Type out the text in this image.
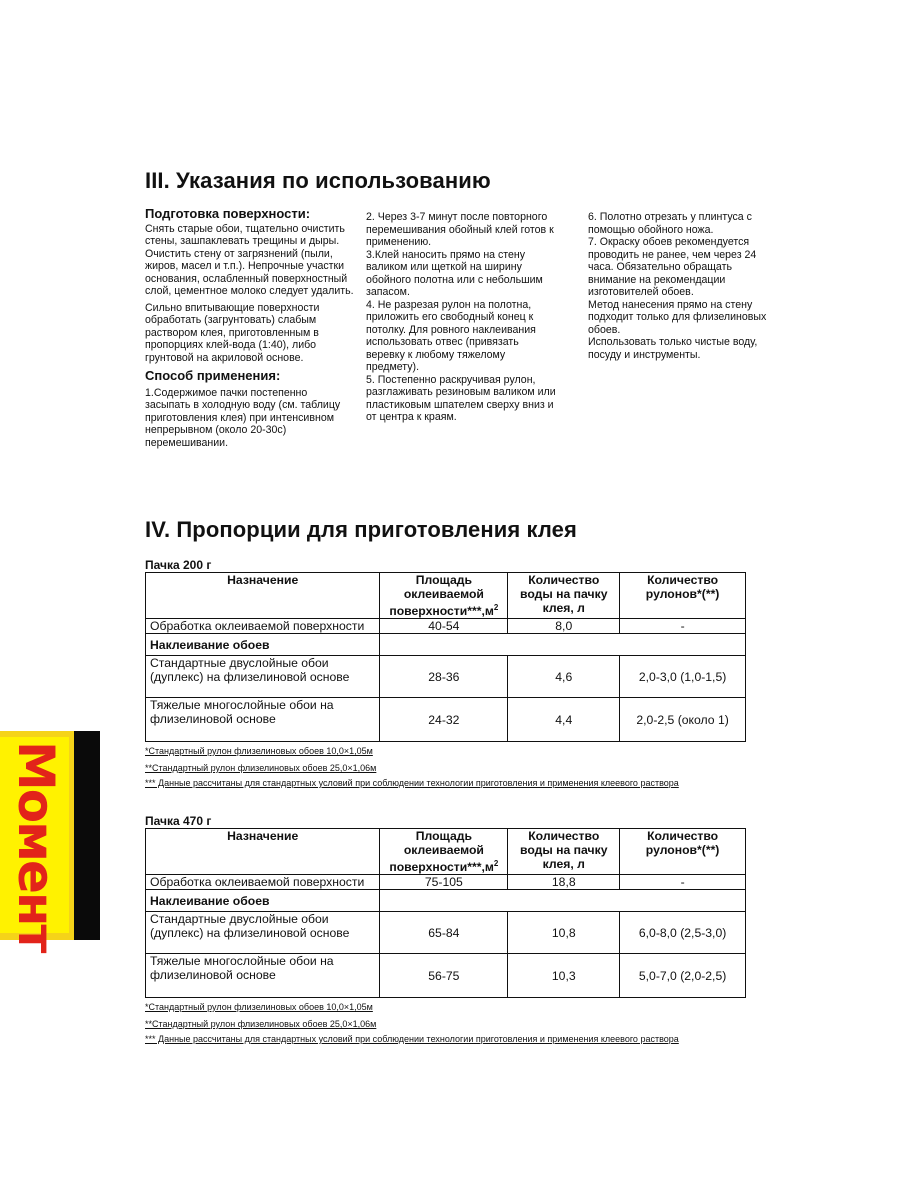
III. Указания по использованию
Подготовка поверхности:

Снять старые обои, тщательно очистить стены, зашпаклевать трещины и дыры.

Очистить стену от загрязнений (пыли, жиров, масел и т.п.). Непрочные участки основания, ослабленный поверхностный слой, цементное молоко следует удалить.

Сильно впитывающие поверхности обработать (загрунтовать) слабым раствором клея, приготовленным в пропорциях клей-вода (1:40), либо грунтовой на акриловой основе.

Способ применения:

1.Содержимое пачки постепенно засыпать в холодную воду (см. таблицу приготовления клея) при интенсивном непрерывном (около 20-30с) перемешивании.

2. Через 3-7 минут после повторного перемешивания обойный клей готов к применению.

3.Клей наносить прямо на стену валиком или щеткой на ширину обойного полотна или с небольшим запасом.

4. Не разрезая рулон на полотна, приложить его свободный конец к потолку. Для ровного наклеивания использовать отвес (привязать веревку к любому тяжелому предмету).

5. Постепенно раскручивая рулон, разглаживать резиновым валиком или пластиковым шпателем сверху вниз и от центра к краям.

6. Полотно отрезать у плинтуса с помощью обойного ножа.

7. Окраску обоев рекомендуется проводить не ранее, чем через 24 часа. Обязательно обращать внимание на рекомендации изготовителей обоев.

Метод нанесения прямо на стену подходит только для флизелиновых обоев.

Использовать только чистые воду, посуду и инструменты.

IV. Пропорции для приготовления клея
Пачка 200 г
Назначение	Площадь оклеиваемой $поверхности***,м^2$	Количество воды на пачку клея, л	Количество рулонов*(**)
Обработка оклеиваемой поверхности	40-54	8,0	-
Наклеивание обоев			
Стандартные двуслойные обои (дуплекс) на флизелиновой основе	28-36	4,6	2,0-3,0 (1,0-1,5)
Тяжелые многослойные обои на флизелиновой основе	24-32	4,4	2,0-2,5 (около 1)
*Стандартный рулон флизелиновых обоев 10,0×1,05м
**Стандартный рулон флизелиновых обоев 25,0×1,06м
*** Данные рассчитаны для стандартных условий при соблюдении технологии приготовления и применения клеевого раствора
Пачка 470 г
Назначение	Площадь оклеиваемой $поверхности***,м^2$	Количество воды на пачку клея, л	Количество рулонов*(**)
Обработка оклеиваемой поверхности	75-105	18,8	-
Наклеивание обоев			
Стандартные двуслойные обои (дуплекс) на флизелиновой основе	65-84	10,8	6,0-8,0 (2,5-3,0)
Тяжелые многослойные обои на флизелиновой основе	56-75	10,3	5,0-7,0 (2,0-2,5)
*Стандартный рулон флизелиновых обоев 10,0×1,05м
**Стандартный рулон флизелиновых обоев 25,0×1,06м
*** Данные рассчитаны для стандартных условий при соблюдении технологии приготовления и применения клеевого раствора
Момент
